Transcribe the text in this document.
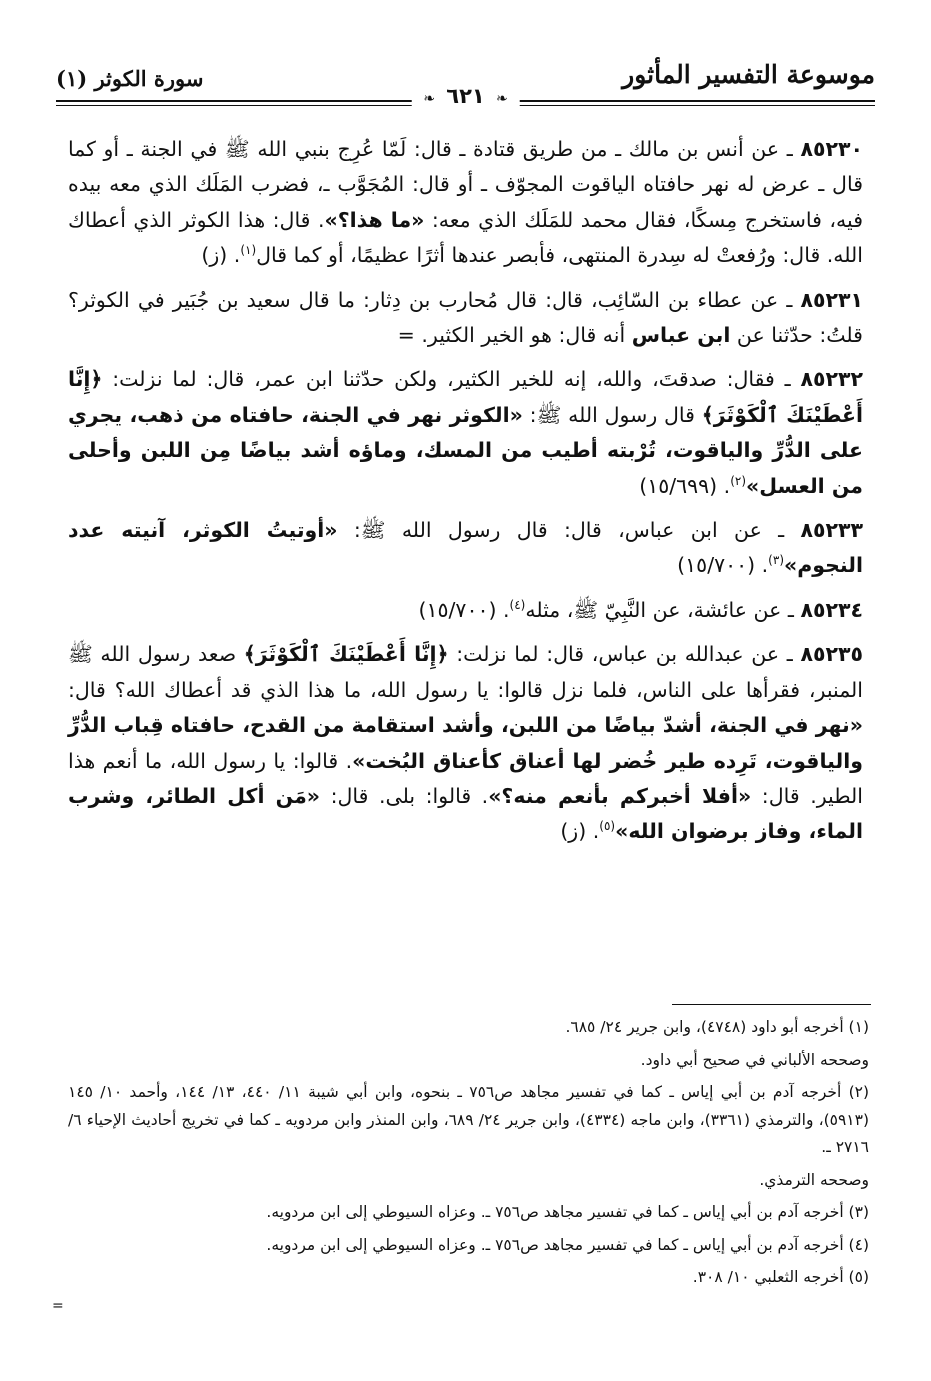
موسوعة التفسير المأثور
سورة الكوثر (١)
❧ ٦٢١ ❧

٨٥٢٣٠ ـ عن أنس بن مالك ـ من طريق قتادة ـ قال: لَمّا عُرِج بنبي الله ﷺ في الجنة ـ أو كما قال ـ عرض له نهر حافتاه الياقوت المجوّف ـ أو قال: المُجَوَّب ـ، فضرب المَلَك الذي معه بيده فيه، فاستخرج مِسكًا، فقال محمد للمَلَك الذي معه: «ما هذا؟». قال: هذا الكوثر الذي أعطاك الله. قال: ورُفعتْ له سِدرة المنتهى، فأبصر عندها أثرًا عظيمًا، أو كما قال$^{(١)}$. (ز)

٨٥٢٣١ ـ عن عطاء بن السّائِب، قال: قال مُحارب بن دِثار: ما قال سعيد بن جُبَير في الكوثر؟ قلتُ: حدّثنا عن ابن عباس أنه قال: هو الخير الكثير. =

٨٥٢٣٢ ـ فقال: صدقتَ، والله، إنه للخير الكثير، ولكن حدّثنا ابن عمر، قال: لما نزلت: ﴿إِنَّا أَعْطَيْنَكَ ٱلْكَوْثَرَ﴾ قال رسول الله ﷺ: «الكوثر نهر في الجنة، حافتاه من ذهب، يجري على الدُّرِّ والياقوت، تُرْبته أطيب من المسك، وماؤه أشد بياضًا مِن اللبن وأحلى من العسل»$^{(٢)}$. (١٥/٦٩٩)

٨٥٢٣٣ ـ عن ابن عباس، قال: قال رسول الله ﷺ: «أوتيتُ الكوثر، آنيته عدد النجوم»$^{(٣)}$. (١٥/٧٠٠)

٨٥٢٣٤ ـ عن عائشة، عن النَّبِيّ ﷺ، مثله$^{(٤)}$. (١٥/٧٠٠)

٨٥٢٣٥ ـ عن عبدالله بن عباس، قال: لما نزلت: ﴿إِنَّا أَعْطَيْنَكَ ٱلْكَوْثَرَ﴾ صعد رسول الله ﷺ المنبر، فقرأها على الناس، فلما نزل قالوا: يا رسول الله، ما هذا الذي قد أعطاك الله؟ قال: «نهر في الجنة، أشدّ بياضًا من اللبن، وأشد استقامة من القدح، حافتاه قِباب الدُّرِّ والياقوت، تَرِده طير خُضر لها أعناق كأعناق البُخت». قالوا: يا رسول الله، ما أنعم هذا الطير. قال: «أفلا أخبركم بأنعم منه؟». قالوا: بلى. قال: «مَن أكل الطائر، وشرب الماء، وفاز برضوان الله»$^{(٥)}$. (ز)

(١) أخرجه أبو داود (٤٧٤٨)، وابن جرير ٢٤/ ٦٨٥.

وصححه الألباني في صحيح أبي داود.

(٢) أخرجه آدم بن أبي إياس ـ كما في تفسير مجاهد ص٧٥٦ ـ بنحوه، وابن أبي شيبة ١١/ ٤٤٠، ١٣/ ١٤٤، وأحمد ١٠/ ١٤٥ (٥٩١٣)، والترمذي (٣٣٦١)، وابن ماجه (٤٣٣٤)، وابن جرير ٢٤/ ٦٨٩، وابن المنذر وابن مردويه ـ كما في تخريج أحاديث الإحياء ٦/ ٢٧١٦ ـ.

وصححه الترمذي.

(٣) أخرجه آدم بن أبي إياس ـ كما في تفسير مجاهد ص٧٥٦ ـ. وعزاه السيوطي إلى ابن مردويه.

(٤) أخرجه آدم بن أبي إياس ـ كما في تفسير مجاهد ص٧٥٦ ـ. وعزاه السيوطي إلى ابن مردويه.

(٥) أخرجه الثعلبي ١٠/ ٣٠٨.

=
